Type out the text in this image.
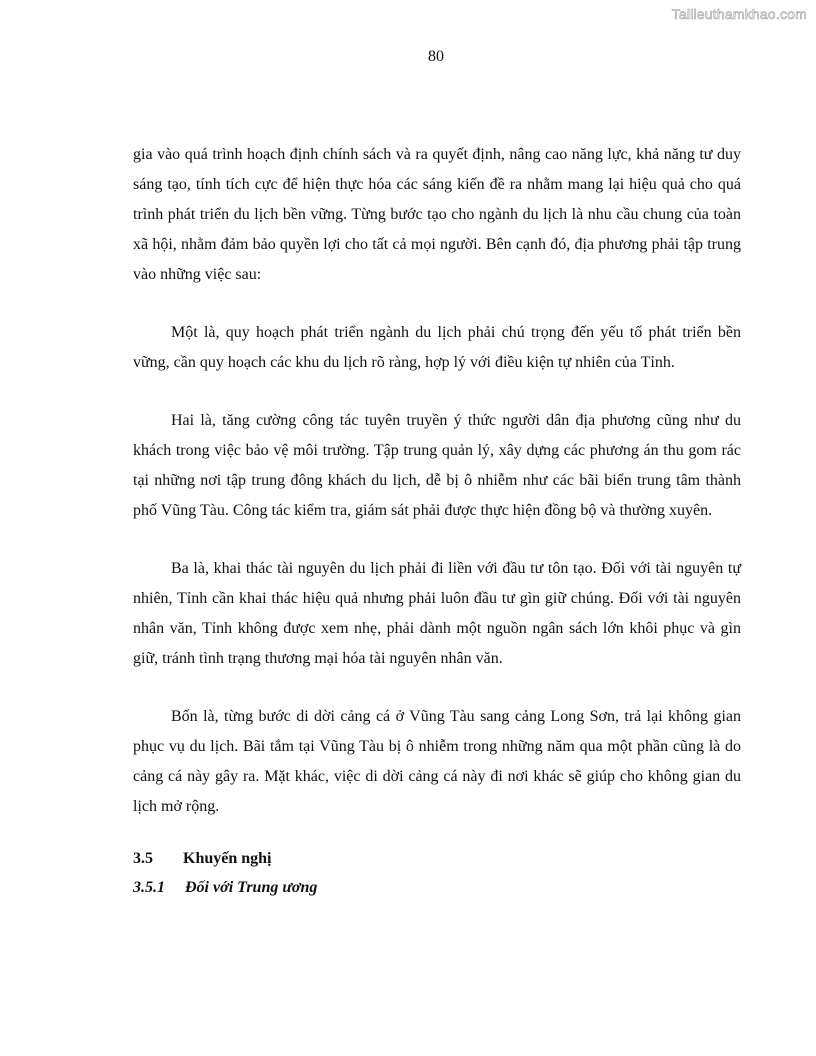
Tailieuthamkhao.com
80

gia vào quá trình hoạch định chính sách và ra quyết định, nâng cao năng lực, khả năng tư duy sáng tạo, tính tích cực để hiện thực hóa các sáng kiến đề ra nhằm mang lại hiệu quả cho quá trình phát triển du lịch bền vững. Từng bước tạo cho ngành du lịch là nhu cầu chung của toàn xã hội, nhằm đảm bảo quyền lợi cho tất cả mọi người. Bên cạnh đó, địa phương phải tập trung vào những việc sau:

Một là, quy hoạch phát triển ngành du lịch phải chú trọng đến yếu tố phát triển bền vững, cần quy hoạch các khu du lịch rõ ràng, hợp lý với điều kiện tự nhiên của Tỉnh.

Hai là, tăng cường công tác tuyên truyền ý thức người dân địa phương cũng như du khách trong việc bảo vệ môi trường. Tập trung quản lý, xây dựng các phương án thu gom rác tại những nơi tập trung đông khách du lịch, dễ bị ô nhiễm như các bãi biển trung tâm thành phố Vũng Tàu. Công tác kiểm tra, giám sát phải được thực hiện đồng bộ và thường xuyên.

Ba là, khai thác tài nguyên du lịch phải đi liền với đầu tư tôn tạo. Đối với tài nguyên tự nhiên, Tỉnh cần khai thác hiệu quả nhưng phải luôn đầu tư gìn giữ chúng. Đối với tài nguyên nhân văn, Tỉnh không được xem nhẹ, phải dành một nguồn ngân sách lớn khôi phục và gìn giữ, tránh tình trạng thương mại hóa tài nguyên nhân văn.

Bốn là, từng bước di dời cảng cá ở Vũng Tàu sang cảng Long Sơn, trả lại không gian phục vụ du lịch. Bãi tắm tại Vũng Tàu bị ô nhiễm trong những năm qua một phần cũng là do cảng cá này gây ra. Mặt khác, việc di dời cảng cá này đi nơi khác sẽ giúp cho không gian du lịch mở rộng.

3.5 Khuyến nghị

3.5.1 Đối với Trung ương
